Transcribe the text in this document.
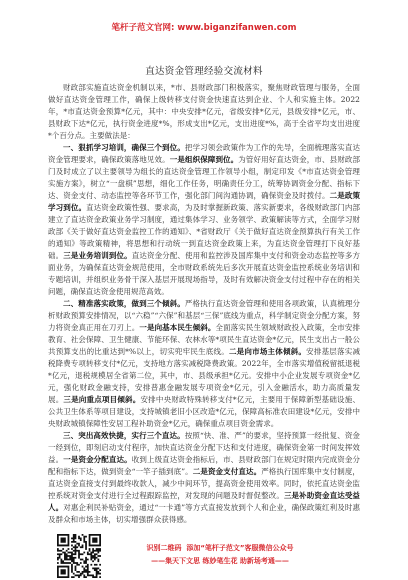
笔杆子范文官网: www.biganzifanwen.com
直达资金管理经验交流材料

财政部实施直达资金机制以来，*市、县财政部门积极落实，聚焦财政管理与服务，全面做好直达资金管理工作，确保上级转移支付资金快速直达到企业、个人和实施主体。2022年，*市直达资金预算*亿元，其中：中央安排*亿元，省级安排*亿元，县级安排*亿元，市、县财政下达*亿元，执行资金进度*%，形成支出*亿元，支出进度*%，高于全省平均支出进度*个百分点。主要做法是：

一、狠抓学习培训，确保三个到位。把学习领会政策作为工作的先导，全面梳理落实直达资金管理要求，确保政策落地见效。一是组织保障到位。为管好用好直达资金，市、县财政部门及时成立了以主要领导为组长的直达资金管理工作领导小组，制定印发《*市直达资金管理实施方案》，树立“一盘棋”思想，细化工作任务，明确责任分工，统筹协调资金分配、指标下达、资金支付、动态监控等各环节工作，强化部门间沟通协调，确保资金及时拨付。二是政策学习到位。直达资金政策性强、要求高，为及时掌握新政策、落实新要求，各级财政部门内部建立了直达资金政策业务学习制度，通过集体学习、业务领学、政策解读等方式，全面学习财政部《关于做好直达资金监控工作的通知》、*省财政厅《关于做好直达资金预算执行有关工作的通知》等政策精神，将思想和行动统一到直达资金政策上来，为直达资金管理打下良好基础。三是业务培训到位。直达资金分配、使用和监控涉及国库集中支付和资金动态监控等多方面业务，为确保直达资金规范使用，全市财政系统先后多次开展直达资金监控系统业务培训和专题培训，并组织业务骨干深入基层开展现场指导，及时有效解决资金支付过程中存在的相关问题，确保直达资金使用规范高效。

二、精准落实政策，做到三个倾斜。严格执行直达资金管理和使用各项政策，认真梳理分析财政预算安排情况，以“六稳”“六保”和基层“三保”底线为重点，科学制定资金分配方案，努力将资金真正用在刀刃上。一是向基本民生倾斜。全面落实民生领域财政投入政策，全市安排教育、社会保障、卫生健康、节能环保、农林水等*项民生直达资金*亿元，民生支出占一般公共预算支出的比重达到*%以上，切实兜牢民生底线。二是向市场主体倾斜。安排基层落实减税降费专项转移支付*亿元，支持地方落实减税降费政策。2022年，全市落实增值税留抵退税*亿元，退税规模居全省第二位，其中，市、县级承担*亿元。安排中小企业发展专项资金*亿元，强化财政金融支持，安排普惠金融发展专项资金*亿元，引入金融活水，助力高质量发展。三是向重点项目倾斜。安排中央财政特殊转移支付*亿元，主要用于保障新型基础设施、公共卫生体系等项目建设，支持城镇老旧小区改造*亿元，保障高标准农田建设*亿元，安排中央财政城镇保障性安居工程补助资金*亿元，确保重点项目资金需求。

三、突出高效快捷，实行三个直达。按照“快、准、严”的要求，坚持预算一经批复、资金一经到位，即刻启动支付程序，加快直达资金分配下达和支付进度，确保资金第一时间发挥效益。一是资金分配直达。收到上级直达资金指标后，市、县财政部门在规定时限内完成资金分配和指标下达，做到资金“一竿子插到底”。二是资金支付直达。严格执行国库集中支付制度，直达资金直接支付到最终收款人，减少中间环节，提高资金使用效率。同时，依托直达资金监控系统对资金支付进行全过程跟踪监控，对发现的问题及时督促整改。三是补助资金直达受益人。对惠企利民补贴资金，通过“一卡通”等方式直接发放到个人和企业，确保政策红利及时惠及群众和市场主体，切实增强群众获得感。

识别二维码  添加“笔杆子范文”客服微信公众号
——集天下文思 练妙笔生花 助新场考通——
